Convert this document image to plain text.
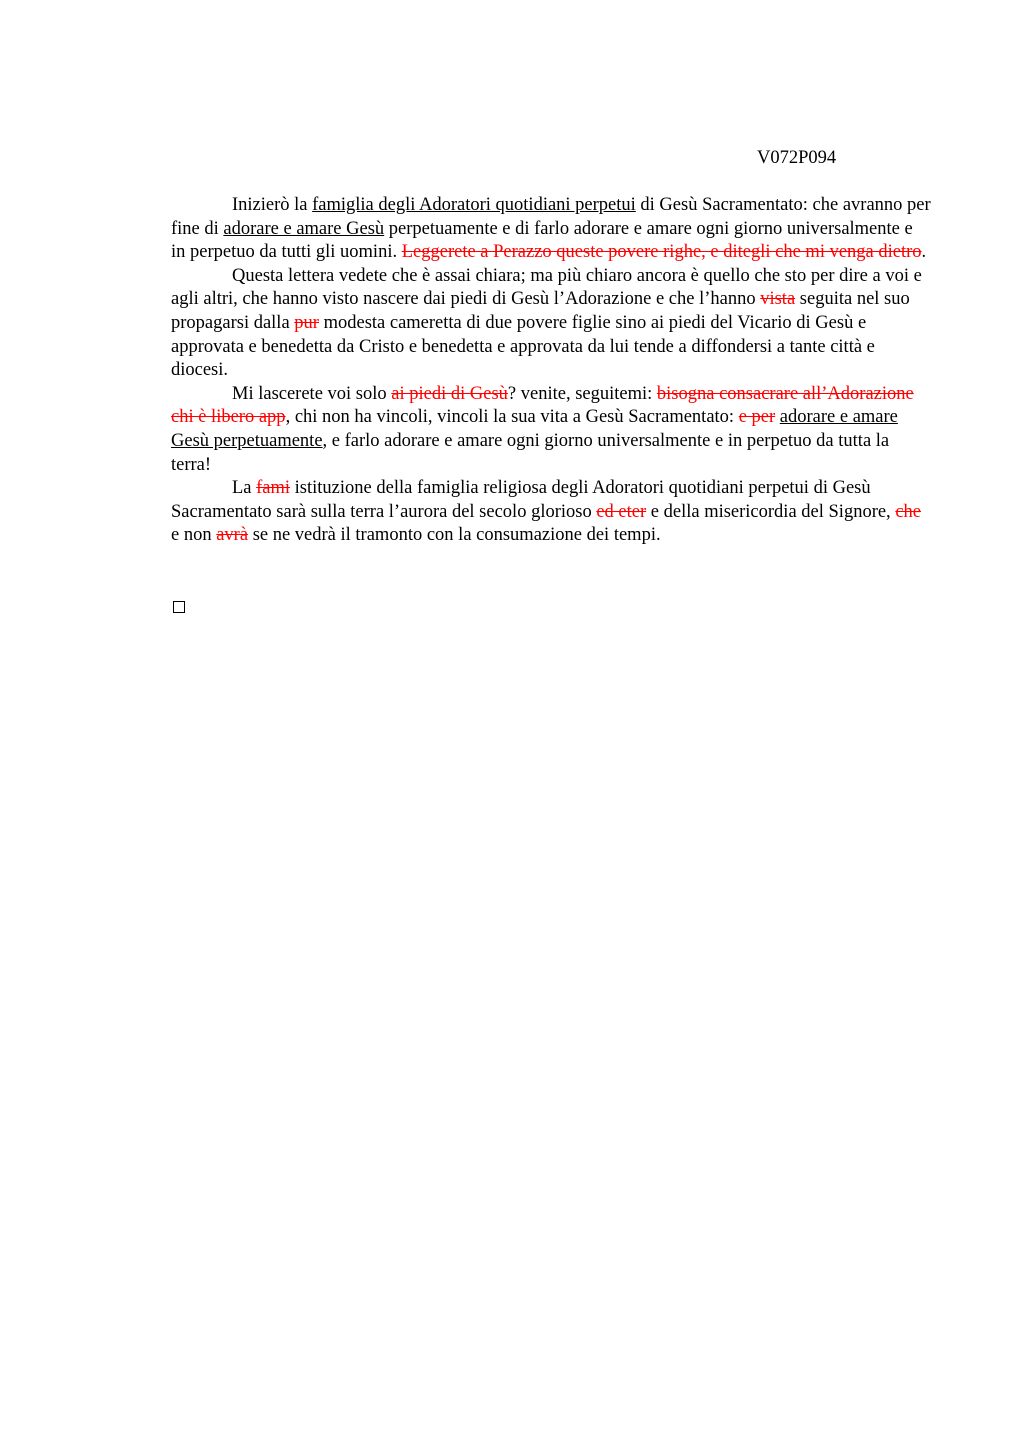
V072P094

Inizierò la famiglia degli Adoratori quotidiani perpetui di Gesù Sacramentato: che avranno per fine di adorare e amare Gesù perpetuamente e di farlo adorare e amare ogni giorno universalmente e in perpetuo da tutti gli uomini. Leggerete a Perazzo queste povere righe, e ditegli che mi venga dietro.

Questa lettera vedete che è assai chiara; ma più chiaro ancora è quello che sto per dire a voi e agli altri, che hanno visto nascere dai piedi di Gesù l’Adorazione e che l’hanno vista seguita nel suo propagarsi dalla pur modesta cameretta di due povere figlie sino ai piedi del Vicario di Gesù e approvata e benedetta da Cristo e benedetta e approvata da lui tende a diffondersi a tante città e diocesi.

Mi lascerete voi solo ai piedi di Gesù? venite, seguitemi: bisogna consacrare all’Adorazione chi è libero app, chi non ha vincoli, vincoli la sua vita a Gesù Sacramentato: e per adorare e amare Gesù perpetuamente, e farlo adorare e amare ogni giorno universalmente e in perpetuo da tutta la terra!

La fami istituzione della famiglia religiosa degli Adoratori quotidiani perpetui di Gesù Sacramentato sarà sulla terra l’aurora del secolo glorioso ed eter e della misericordia del Signore, che e non avrà se ne vedrà il tramonto con la consumazione dei tempi.
